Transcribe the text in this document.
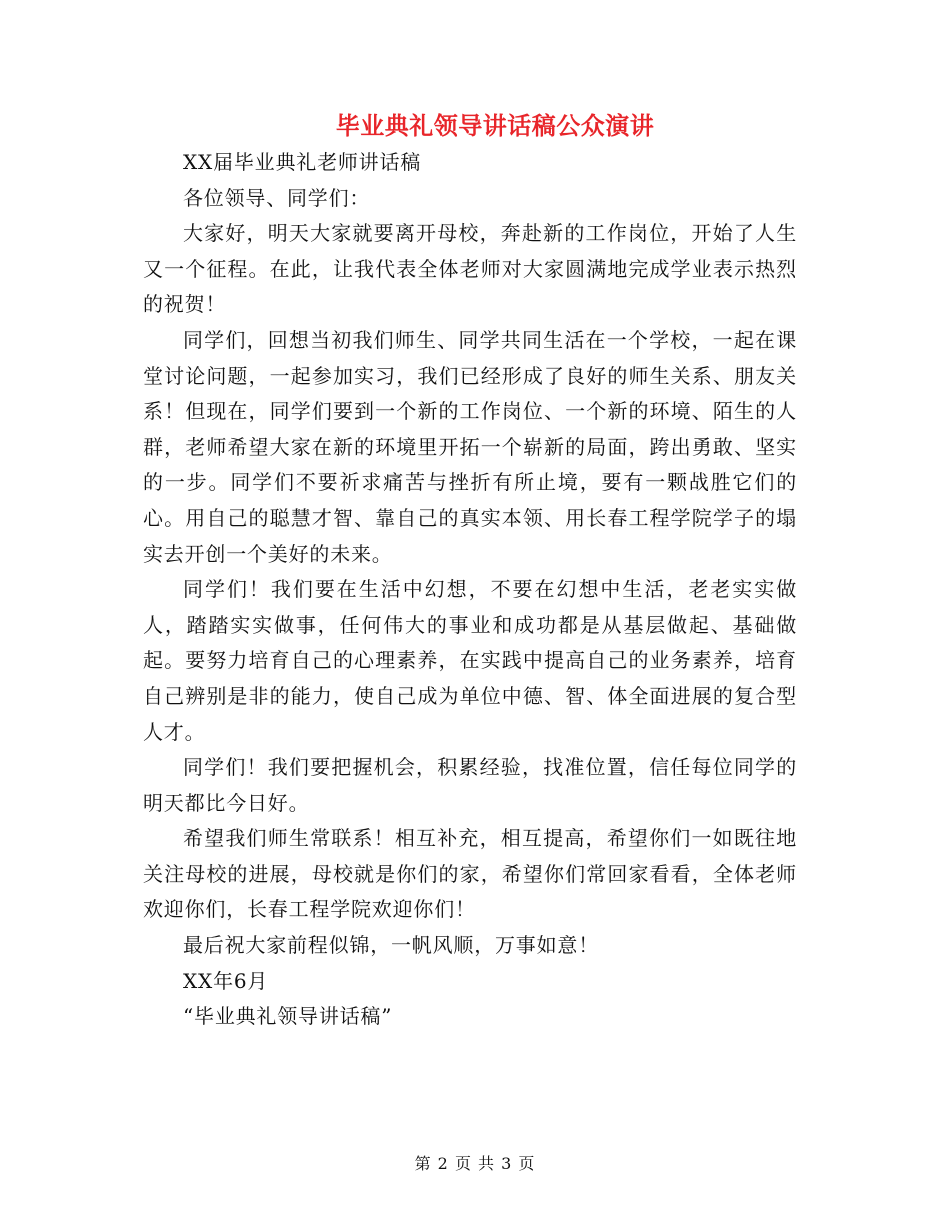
毕业典礼领导讲话稿公众演讲

XX届毕业典礼老师讲话稿

各位领导、同学们：

大家好，明天大家就要离开母校，奔赴新的工作岗位，开始了人生又一个征程。在此，让我代表全体老师对大家圆满地完成学业表示热烈的祝贺！

同学们，回想当初我们师生、同学共同生活在一个学校，一起在课堂讨论问题，一起参加实习，我们已经形成了良好的师生关系、朋友关系！但现在，同学们要到一个新的工作岗位、一个新的环境、陌生的人群，老师希望大家在新的环境里开拓一个崭新的局面，跨出勇敢、坚实的一步。同学们不要祈求痛苦与挫折有所止境，要有一颗战胜它们的心。用自己的聪慧才智、靠自己的真实本领、用长春工程学院学子的塌实去开创一个美好的未来。

同学们！我们要在生活中幻想，不要在幻想中生活，老老实实做人，踏踏实实做事，任何伟大的事业和成功都是从基层做起、基础做起。要努力培育自己的心理素养，在实践中提高自己的业务素养，培育自己辨别是非的能力，使自己成为单位中德、智、体全面进展的复合型人才。

同学们！我们要把握机会，积累经验，找准位置，信任每位同学的明天都比今日好。

希望我们师生常联系！相互补充，相互提高，希望你们一如既往地关注母校的进展，母校就是你们的家，希望你们常回家看看，全体老师欢迎你们，长春工程学院欢迎你们！

最后祝大家前程似锦，一帆风顺，万事如意！

XX年6月

“毕业典礼领导讲话稿”

第 2 页 共 3 页
